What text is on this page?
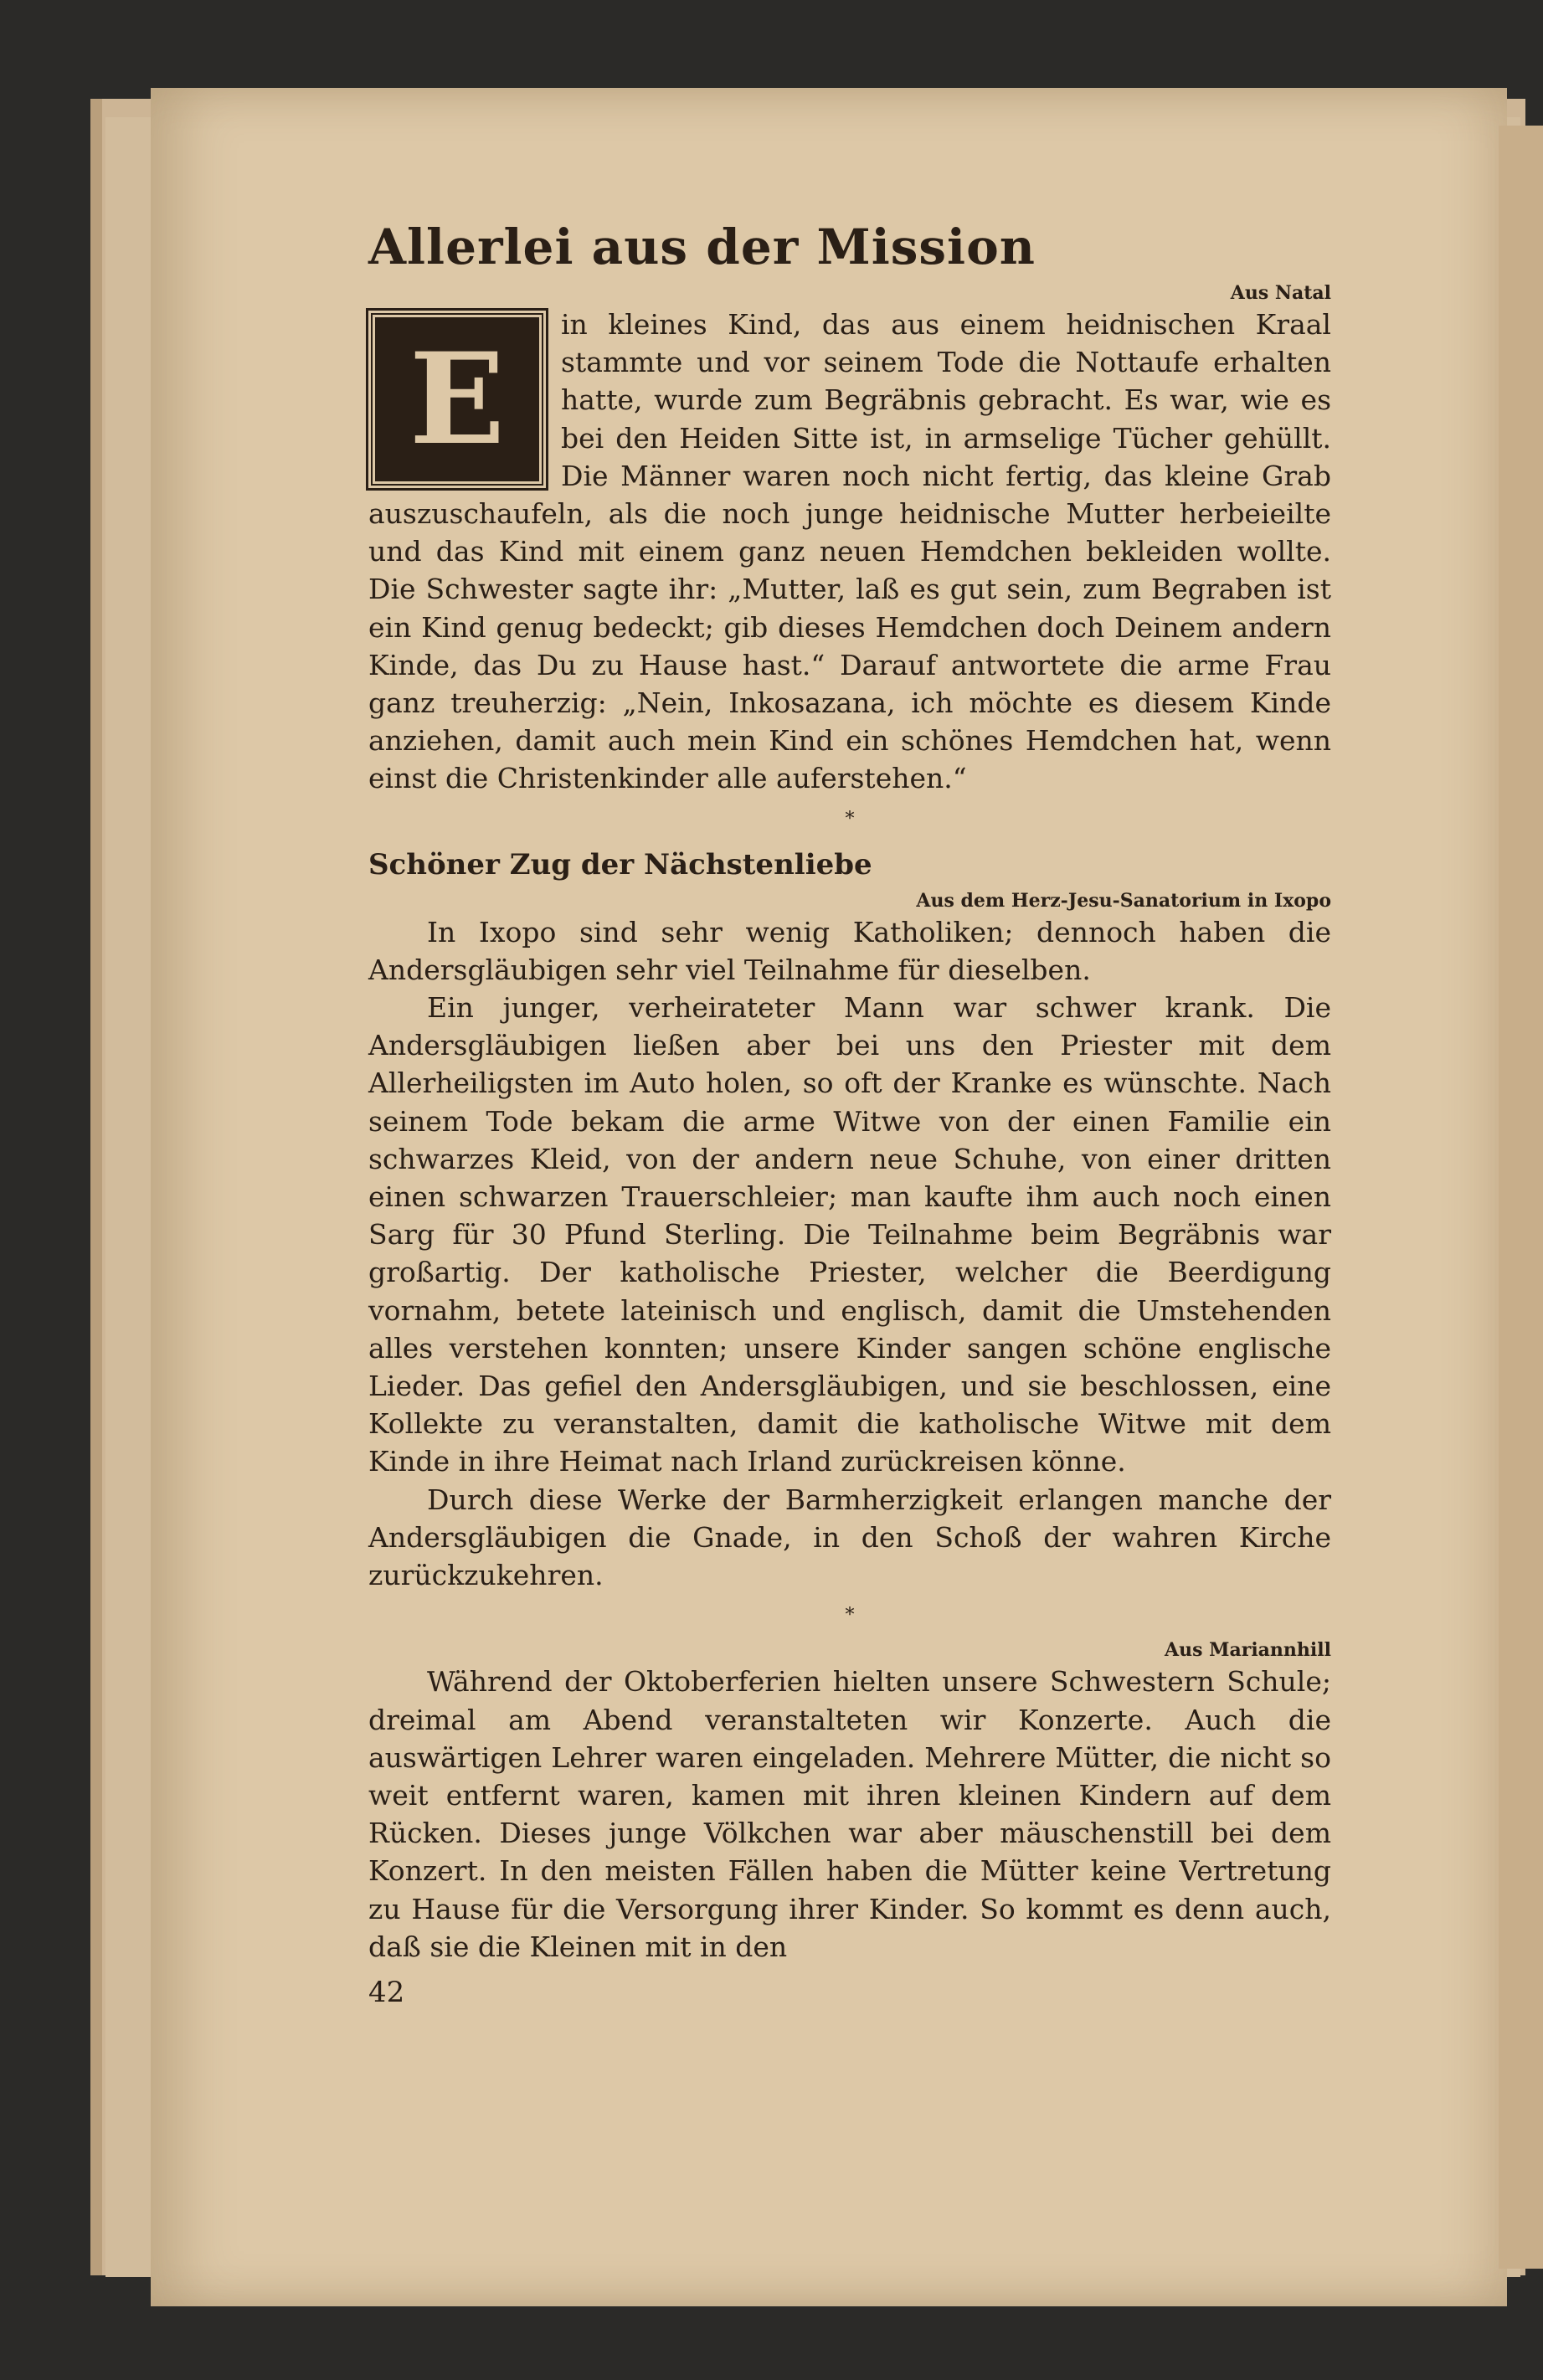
Allerlei aus der Mission

Aus Natal

E

in kleines Kind, das aus einem heidnischen Kraal stammte und vor seinem Tode die Nottaufe erhalten hatte, wurde zum Begräbnis gebracht. Es war, wie es bei den Heiden Sitte ist, in armselige Tücher gehüllt. Die Männer waren noch nicht fertig, das kleine Grab auszuschaufeln, als die noch junge heidnische Mutter herbeieilte und das Kind mit einem ganz neuen Hemdchen bekleiden wollte. Die Schwester sagte ihr: „Mutter, laß es gut sein, zum Begraben ist ein Kind genug bedeckt; gib dieses Hemdchen doch Deinem andern Kinde, das Du zu Hause hast.“ Darauf antwortete die arme Frau ganz treuherzig: „Nein, Inkosazana, ich möchte es diesem Kinde anziehen, damit auch mein Kind ein schönes Hemdchen hat, wenn einst die Christenkinder alle auferstehen.“

*
Schöner Zug der Nächstenliebe

Aus dem Herz-Jesu-Sanatorium in Ixopo

In Ixopo sind sehr wenig Katholiken; dennoch haben die Andersgläubigen sehr viel Teilnahme für dieselben.

Ein junger, verheirateter Mann war schwer krank. Die Andersgläubigen ließen aber bei uns den Priester mit dem Allerheiligsten im Auto holen, so oft der Kranke es wünschte. Nach seinem Tode bekam die arme Witwe von der einen Familie ein schwarzes Kleid, von der andern neue Schuhe, von einer dritten einen schwarzen Trauerschleier; man kaufte ihm auch noch einen Sarg für 30 Pfund Sterling. Die Teilnahme beim Begräbnis war großartig. Der katholische Priester, welcher die Beerdigung vornahm, betete lateinisch und englisch, damit die Umstehenden alles verstehen konnten; unsere Kinder sangen schöne englische Lieder. Das gefiel den Andersgläubigen, und sie beschlossen, eine Kollekte zu veranstalten, damit die katholische Witwe mit dem Kinde in ihre Heimat nach Irland zurückreisen könne.

Durch diese Werke der Barmherzigkeit erlangen manche der Andersgläubigen die Gnade, in den Schoß der wahren Kirche zurückzukehren.

*

Aus Mariannhill

Während der Oktoberferien hielten unsere Schwestern Schule; dreimal am Abend veranstalteten wir Konzerte. Auch die auswärtigen Lehrer waren eingeladen. Mehrere Mütter, die nicht so weit entfernt waren, kamen mit ihren kleinen Kindern auf dem Rücken. Dieses junge Völkchen war aber mäuschenstill bei dem Konzert. In den meisten Fällen haben die Mütter keine Vertretung zu Hause für die Versorgung ihrer Kinder. So kommt es denn auch, daß sie die Kleinen mit in den

42
